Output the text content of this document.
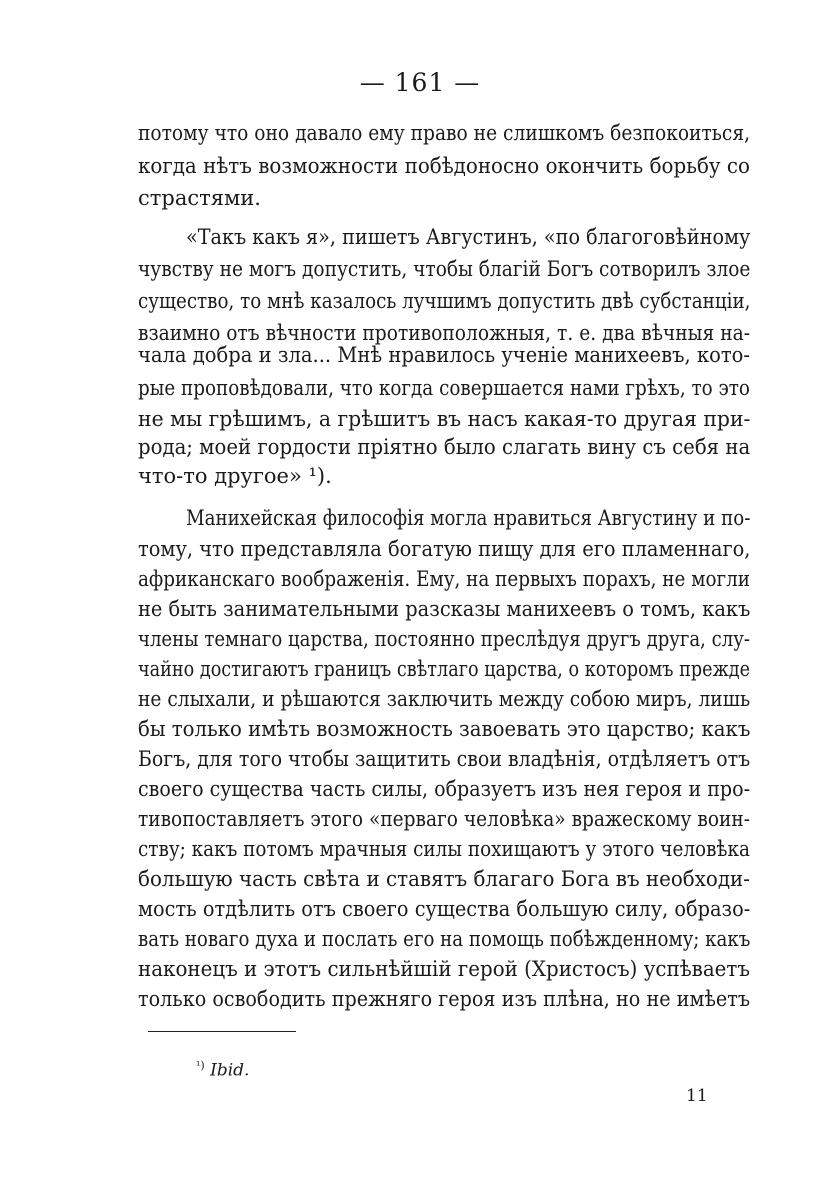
— 161 —
потому что оно давало ему право не слишкомъ безпокоиться,
когда нѣтъ возможности побѣдоносно окончить борьбу со
страстями.
«Такъ какъ я», пишетъ Августинъ, «по благоговѣйному
чувству не могъ допустить, чтобы благій Богъ сотворилъ злое
существо, то мнѣ казалось лучшимъ допустить двѣ субстанціи,
взаимно отъ вѣчности противоположныя, т. е. два вѣчныя на-
чала добра и зла... Мнѣ нравилось ученіе манихеевъ, кото-
рые проповѣдовали, что когда совершается нами грѣхъ, то это
не мы грѣшимъ, а грѣшитъ въ насъ какая-то другая при-
рода; моей гордости пріятно было слагать вину съ себя на
что-то другое» ¹).
Манихейская философія могла нравиться Августину и по-
тому, что представляла богатую пищу для его пламеннаго,
африканскаго воображенія. Ему, на первыхъ порахъ, не могли
не быть занимательными разсказы манихеевъ о томъ, какъ
члены темнаго царства, постоянно преслѣдуя другъ друга, слу-
чайно достигаютъ границъ свѣтлаго царства, о которомъ прежде
не слыхали, и рѣшаются заключить между собою миръ, лишь
бы только имѣть возможность завоевать это царство; какъ
Богъ, для того чтобы защитить свои владѣнія, отдѣляетъ отъ
своего существа часть силы, образуетъ изъ нея героя и про-
тивопоставляетъ этого «перваго человѣка» вражескому воин-
ству; какъ потомъ мрачныя силы похищаютъ у этого человѣка
большую часть свѣта и ставятъ благаго Бога въ необходи-
мость отдѣлить отъ своего существа большую силу, образо-
вать новаго духа и послать его на помощь побѣжденному; какъ
наконецъ и этотъ сильнѣйшій герой (Христосъ) успѣваетъ
только освободить прежняго героя изъ плѣна, но не имѣетъ
$^{^1)}$ Ibid.
11
